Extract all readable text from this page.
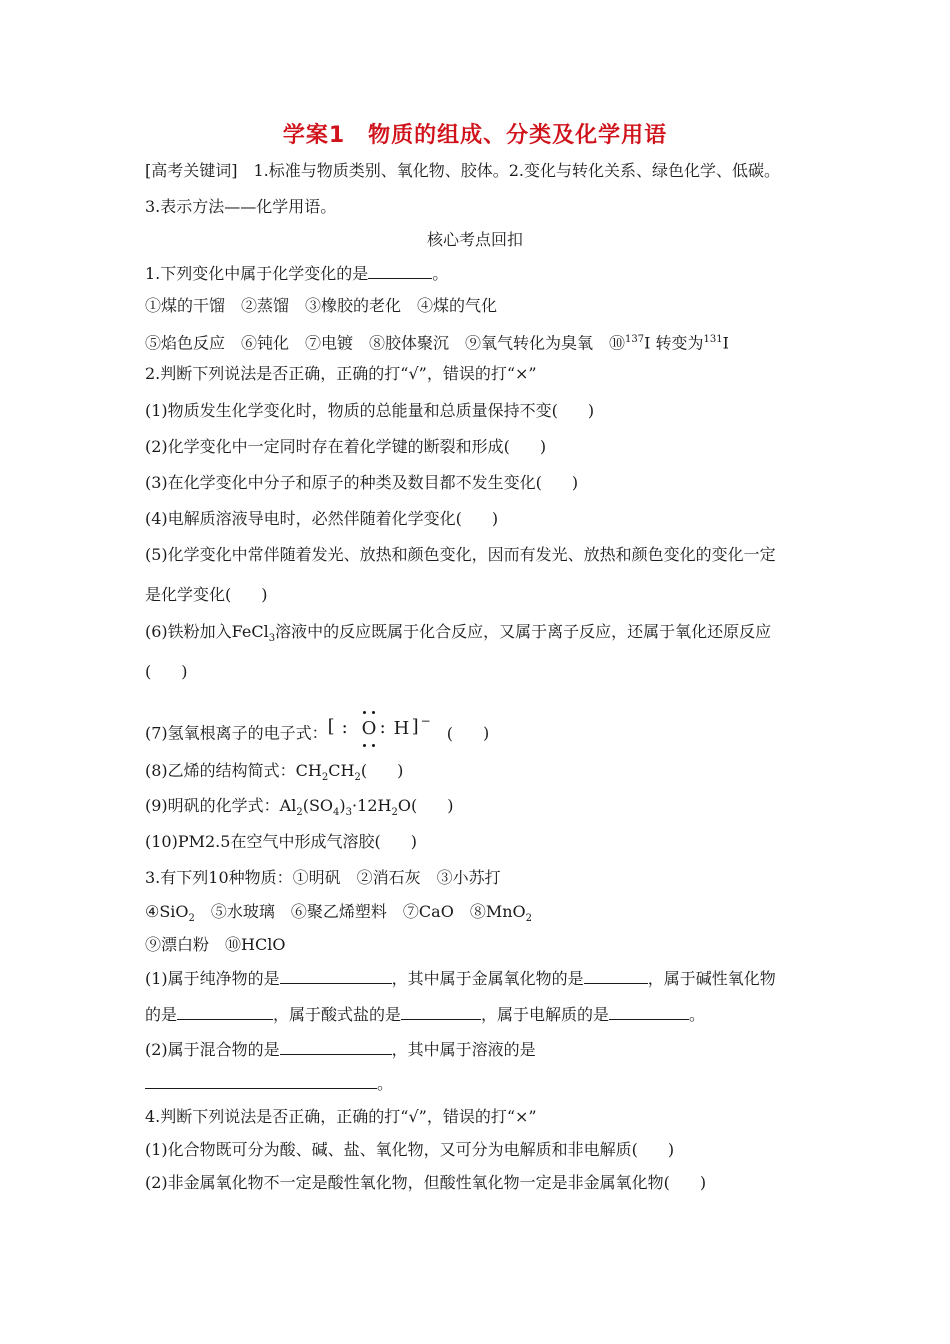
学案1　物质的组成、分类及化学用语
[高考关键词]　1.标准与物质类别、氧化物、胶体。2.变化与转化关系、绿色化学、低碳。
3.表示方法——化学用语。
核心考点回扣
1.下列变化中属于化学变化的是	。
①煤的干馏　②蒸馏　③橡胶的老化　④煤的气化
⑤焰色反应　⑥钝化　⑦电镀　⑧胶体聚沉　⑨氧气转化为臭氧　⑩$^{137}$I 转变为$^{131}$I
2.判断下列说法是否正确，正确的打“√”，错误的打“×”
(1)物质发生化学变化时，物质的总能量和总质量保持不变( )
(2)化学变化中一定同时存在着化学键的断裂和形成( )
(3)在化学变化中分子和原子的种类及数目都不发生变化( )
(4)电解质溶液导电时，必然伴随着化学变化( )
(5)化学变化中常伴随着发光、放热和颜色变化，因而有发光、放热和颜色变化的变化一定
是化学变化( )
(6)铁粉加入FeCl$_3$溶液中的反应既属于化合反应，又属于离子反应，还属于氧化还原反应
( )
(7)氢氧根离子的电子式： [ : O : H ] −
( )
(8)乙烯的结构简式：$CH_2CH_2$( )
(9)明矾的化学式：$Al_2(SO_4)_3\cdot 12H_2O$( )
(10)PM2.5在空气中形成气溶胶( )
3.有下列10种物质：①明矾　②消石灰　③小苏打
④SiO$_2$　⑤水玻璃　⑥聚乙烯塑料　⑦CaO　⑧MnO$_2$
⑨漂白粉　⑩HClO
(1)属于纯净物的是	，其中属于金属氧化物的是	，属于碱性氧化物
的是	，属于酸式盐的是	，属于电解质的是	。
(2)属于混合物的是	，其中属于溶液的是
。
4.判断下列说法是否正确，正确的打“√”，错误的打“×”
(1)化合物既可分为酸、碱、盐、氧化物，又可分为电解质和非电解质( )
(2)非金属氧化物不一定是酸性氧化物，但酸性氧化物一定是非金属氧化物( )
